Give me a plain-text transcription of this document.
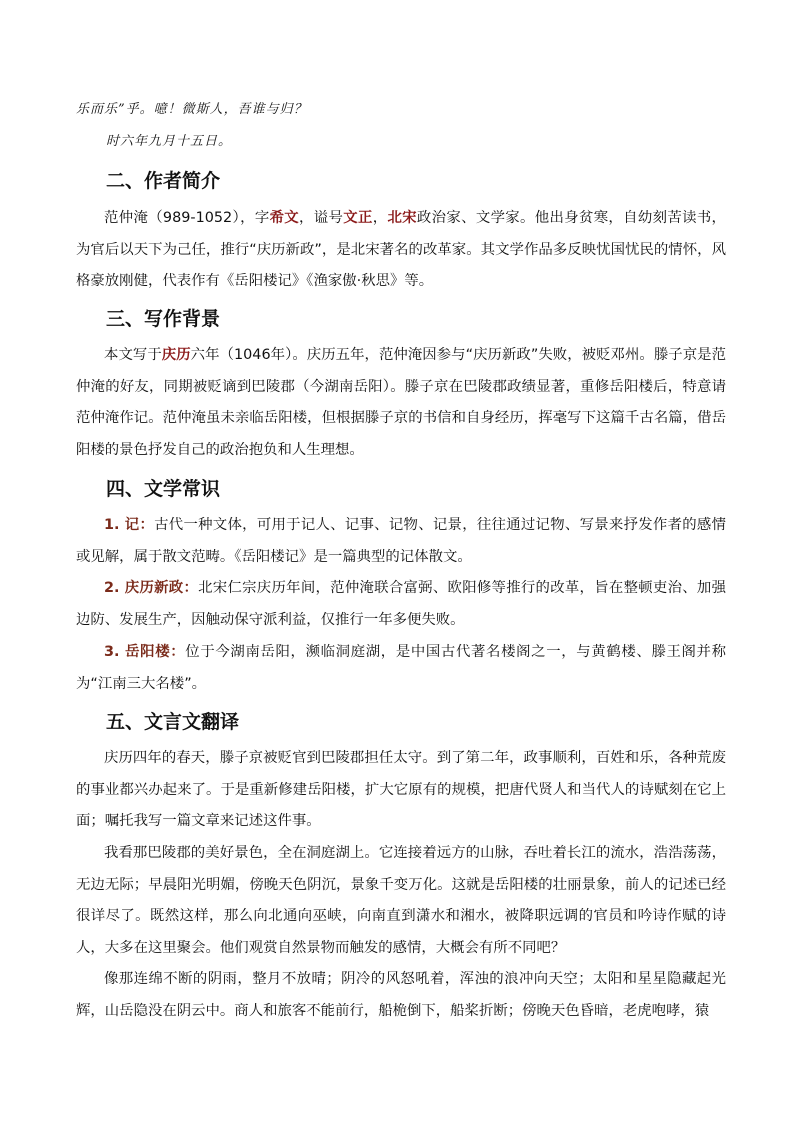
乐而乐”乎。噫！微斯人，吾谁与归？
时六年九月十五日。
二、作者简介

范仲淹（989-1052），字希文，谥号文正，北宋政治家、文学家。他出身贫寒，自幼刻苦读书，为官后以天下为己任，推行“庆历新政”，是北宋著名的改革家。其文学作品多反映忧国忧民的情怀，风格豪放刚健，代表作有《岳阳楼记》《渔家傲·秋思》等。

三、写作背景

本文写于庆历六年（1046年）。庆历五年，范仲淹因参与“庆历新政”失败，被贬邓州。滕子京是范仲淹的好友，同期被贬谪到巴陵郡（今湖南岳阳）。滕子京在巴陵郡政绩显著，重修岳阳楼后，特意请范仲淹作记。范仲淹虽未亲临岳阳楼，但根据滕子京的书信和自身经历，挥毫写下这篇千古名篇，借岳阳楼的景色抒发自己的政治抱负和人生理想。

四、文学常识

1. 记：古代一种文体，可用于记人、记事、记物、记景，往往通过记物、写景来抒发作者的感情或见解，属于散文范畴。《岳阳楼记》是一篇典型的记体散文。

2. 庆历新政：北宋仁宗庆历年间，范仲淹联合富弼、欧阳修等推行的改革，旨在整顿吏治、加强边防、发展生产，因触动保守派利益，仅推行一年多便失败。

3. 岳阳楼：位于今湖南岳阳，濒临洞庭湖，是中国古代著名楼阁之一，与黄鹤楼、滕王阁并称为“江南三大名楼”。

五、文言文翻译

庆历四年的春天，滕子京被贬官到巴陵郡担任太守。到了第二年，政事顺利，百姓和乐，各种荒废的事业都兴办起来了。于是重新修建岳阳楼，扩大它原有的规模，把唐代贤人和当代人的诗赋刻在它上面；嘱托我写一篇文章来记述这件事。

我看那巴陵郡的美好景色，全在洞庭湖上。它连接着远方的山脉，吞吐着长江的流水，浩浩荡荡，无边无际；早晨阳光明媚，傍晚天色阴沉，景象千变万化。这就是岳阳楼的壮丽景象，前人的记述已经很详尽了。既然这样，那么向北通向巫峡，向南直到潇水和湘水，被降职远调的官员和吟诗作赋的诗人，大多在这里聚会。他们观赏自然景物而触发的感情，大概会有所不同吧？

像那连绵不断的阴雨，整月不放晴；阴冷的风怒吼着，浑浊的浪冲向天空；太阳和星星隐藏起光辉，山岳隐没在阴云中。商人和旅客不能前行，船桅倒下，船桨折断；傍晚天色昏暗，老虎咆哮，猿
